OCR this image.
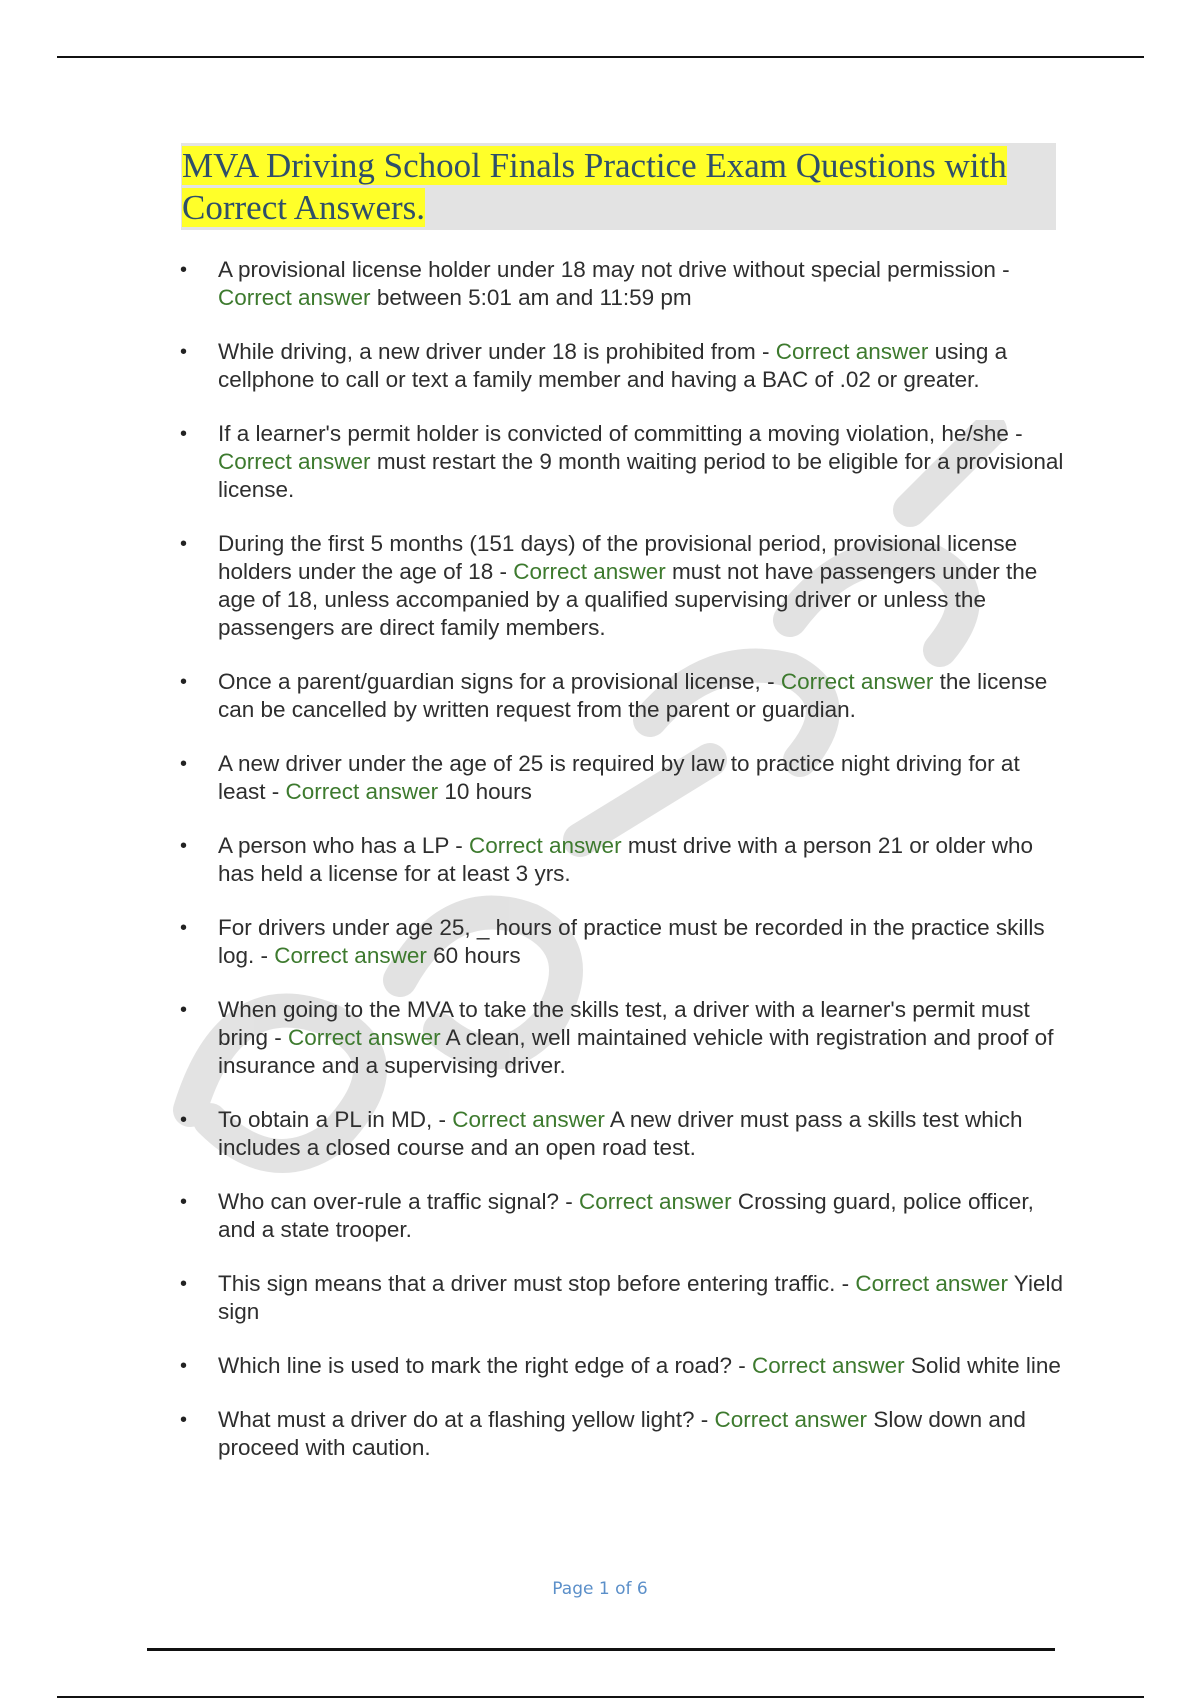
MVA Driving School Finals Practice Exam Questions with Correct Answers.
• A provisional license holder under 18 may not drive without special permission - Correct answer between 5:01 am and 11:59 pm
• While driving, a new driver under 18 is prohibited from - Correct answer using a cellphone to call or text a family member and having a BAC of .02 or greater.
• If a learner's permit holder is convicted of committing a moving violation, he/she - Correct answer must restart the 9 month waiting period to be eligible for a provisional license.
• During the first 5 months (151 days) of the provisional period, provisional license holders under the age of 18 - Correct answer must not have passengers under the age of 18, unless accompanied by a qualified supervising driver or unless the passengers are direct family members.
• Once a parent/guardian signs for a provisional license, - Correct answer the license can be cancelled by written request from the parent or guardian.
• A new driver under the age of 25 is required by law to practice night driving for at least - Correct answer 10 hours
• A person who has a LP - Correct answer must drive with a person 21 or older who has held a license for at least 3 yrs.
• For drivers under age 25, _ hours of practice must be recorded in the practice skills log. - Correct answer 60 hours
• When going to the MVA to take the skills test, a driver with a learner's permit must bring - Correct answer A clean, well maintained vehicle with registration and proof of insurance and a supervising driver.
• To obtain a PL in MD, - Correct answer A new driver must pass a skills test which includes a closed course and an open road test.
• Who can over-rule a traffic signal? - Correct answer Crossing guard, police officer, and a state trooper.
• This sign means that a driver must stop before entering traffic. - Correct answer Yield sign
• Which line is used to mark the right edge of a road? - Correct answer Solid white line
• What must a driver do at a flashing yellow light? - Correct answer Slow down and proceed with caution.
Page 1 of 6
